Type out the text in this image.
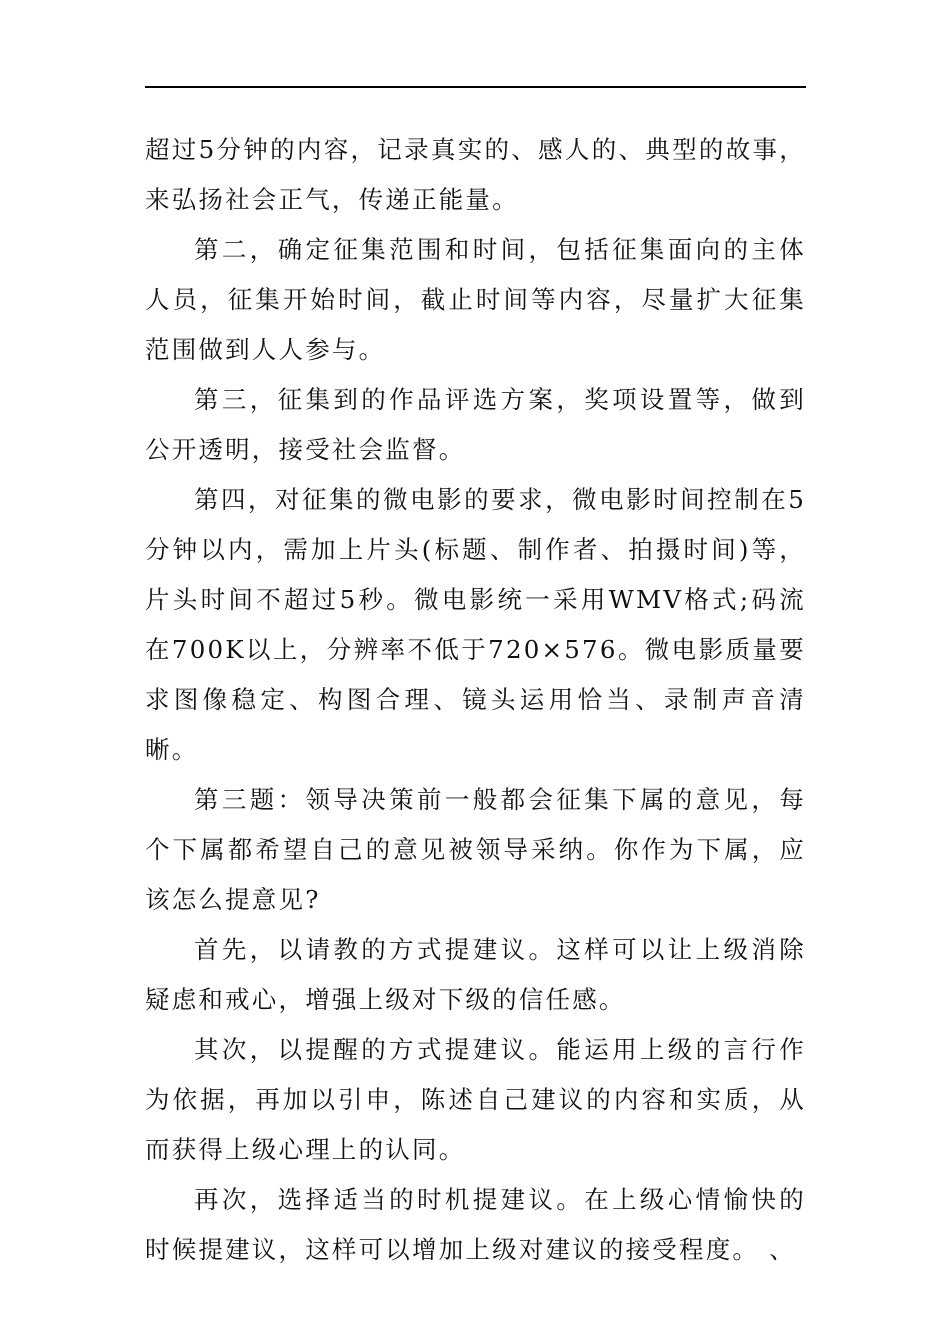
超过5分钟的内容，记录真实的、感人的、典型的故事，来弘扬社会正气，传递正能量。

第二，确定征集范围和时间，包括征集面向的主体人员，征集开始时间，截止时间等内容，尽量扩大征集范围做到人人参与。

第三，征集到的作品评选方案，奖项设置等，做到公开透明，接受社会监督。

第四，对征集的微电影的要求，微电影时间控制在5分钟以内，需加上片头(标题、制作者、拍摄时间)等，片头时间不超过5秒。微电影统一采用WMV格式;码流在700K以上，分辨率不低于720×576。微电影质量要求图像稳定、构图合理、镜头运用恰当、录制声音清晰。

第三题：领导决策前一般都会征集下属的意见，每个下属都希望自己的意见被领导采纳。你作为下属，应该怎么提意见?

首先，以请教的方式提建议。这样可以让上级消除疑虑和戒心，增强上级对下级的信任感。

其次，以提醒的方式提建议。能运用上级的言行作为依据，再加以引申，陈述自己建议的内容和实质，从而获得上级心理上的认同。

再次，选择适当的时机提建议。在上级心情愉快的时候提建议，这样可以增加上级对建议的接受程度。 、
